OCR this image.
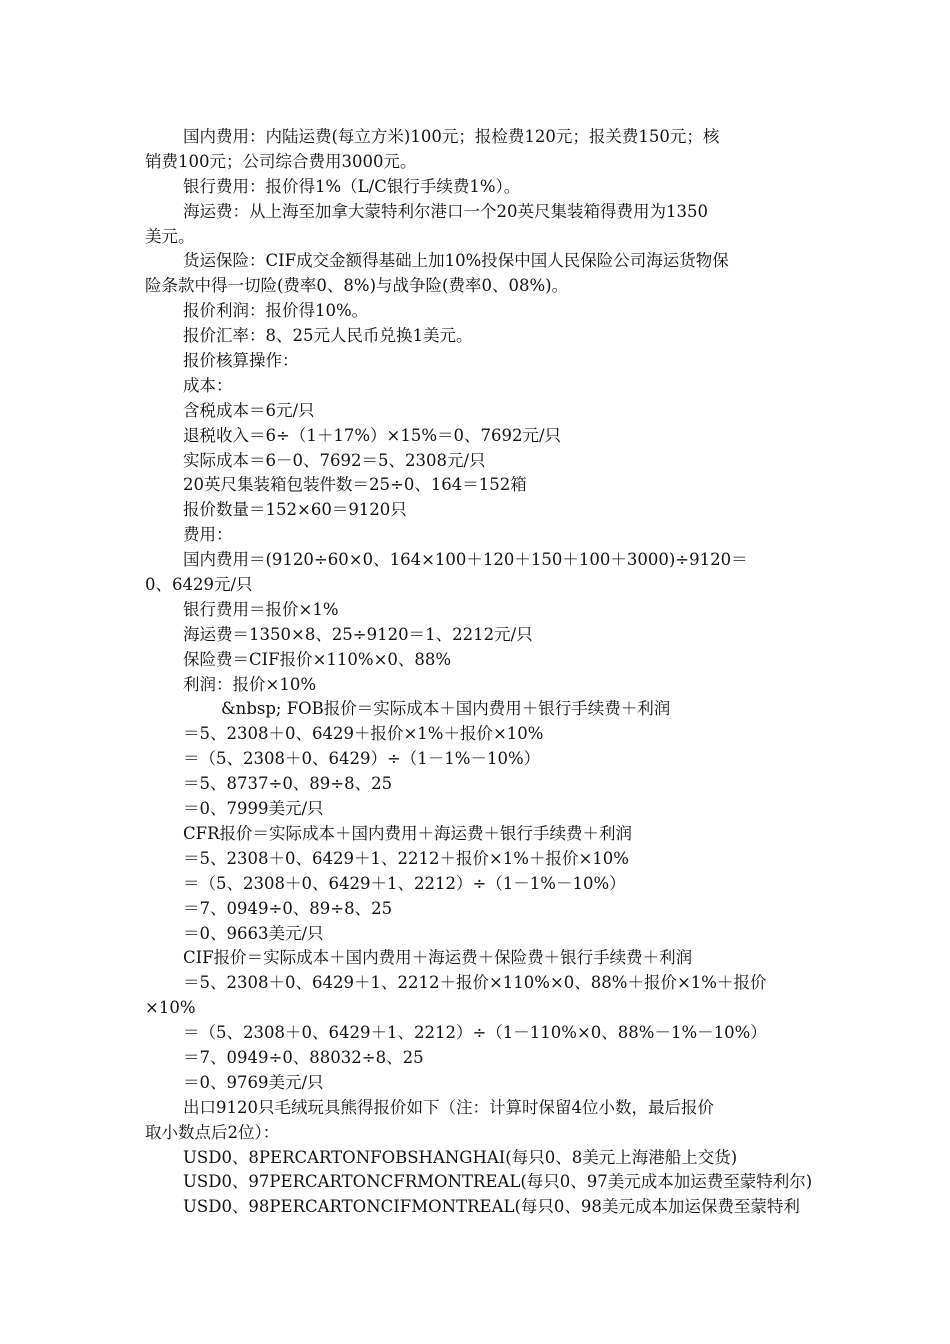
国内费用：内陆运费(每立方米)100元；报检费120元；报关费150元；核
销费100元；公司综合费用3000元。
银行费用：报价得1%（L/C银行手续费1%）。
海运费：从上海至加拿大蒙特利尔港口一个20英尺集装箱得费用为1350
美元。
货运保险：CIF成交金额得基础上加10%投保中国人民保险公司海运货物保
险条款中得一切险(费率0、8%)与战争险(费率0、08%)。
报价利润：报价得10%。
报价汇率：8、25元人民币兑换1美元。
报价核算操作：
成本：
含税成本＝6元/只
退税收入＝6÷（1＋17%）×15%＝0、7692元/只
实际成本＝6－0、7692＝5、2308元/只
20英尺集装箱包装件数＝25÷0、164＝152箱
报价数量＝152×60＝9120只
费用：
国内费用＝(9120÷60×0、164×100＋120＋150＋100＋3000)÷9120＝
0、6429元/只
银行费用＝报价×1%
海运费＝1350×8、25÷9120＝1、2212元/只
保险费＝CIF报价×110%×0、88%
利润：报价×10%
&nbsp; FOB报价＝实际成本＋国内费用＋银行手续费＋利润
＝5、2308＋0、6429＋报价×1%＋报价×10%
＝（5、2308＋0、6429）÷（1－1%－10%）
＝5、8737÷0、89÷8、25
＝0、7999美元/只
CFR报价＝实际成本＋国内费用＋海运费＋银行手续费＋利润
＝5、2308＋0、6429＋1、2212＋报价×1%＋报价×10%
＝（5、2308＋0、6429＋1、2212）÷（1－1%－10%）
＝7、0949÷0、89÷8、25
＝0、9663美元/只
CIF报价＝实际成本＋国内费用＋海运费＋保险费＋银行手续费＋利润
＝5、2308＋0、6429＋1、2212＋报价×110%×0、88%＋报价×1%＋报价
×10%
＝（5、2308＋0、6429＋1、2212）÷（1－110%×0、88%－1%－10%）
＝7、0949÷0、88032÷8、25
＝0、9769美元/只
出口9120只毛绒玩具熊得报价如下（注：计算时保留4位小数，最后报价
取小数点后2位）：
USD0、8PERCARTONFOBSHANGHAI(每只0、8美元上海港船上交货)
USD0、97PERCARTONCFRMONTREAL(每只0、97美元成本加运费至蒙特利尔)
USD0、98PERCARTONCIFMONTREAL(每只0、98美元成本加运保费至蒙特利
